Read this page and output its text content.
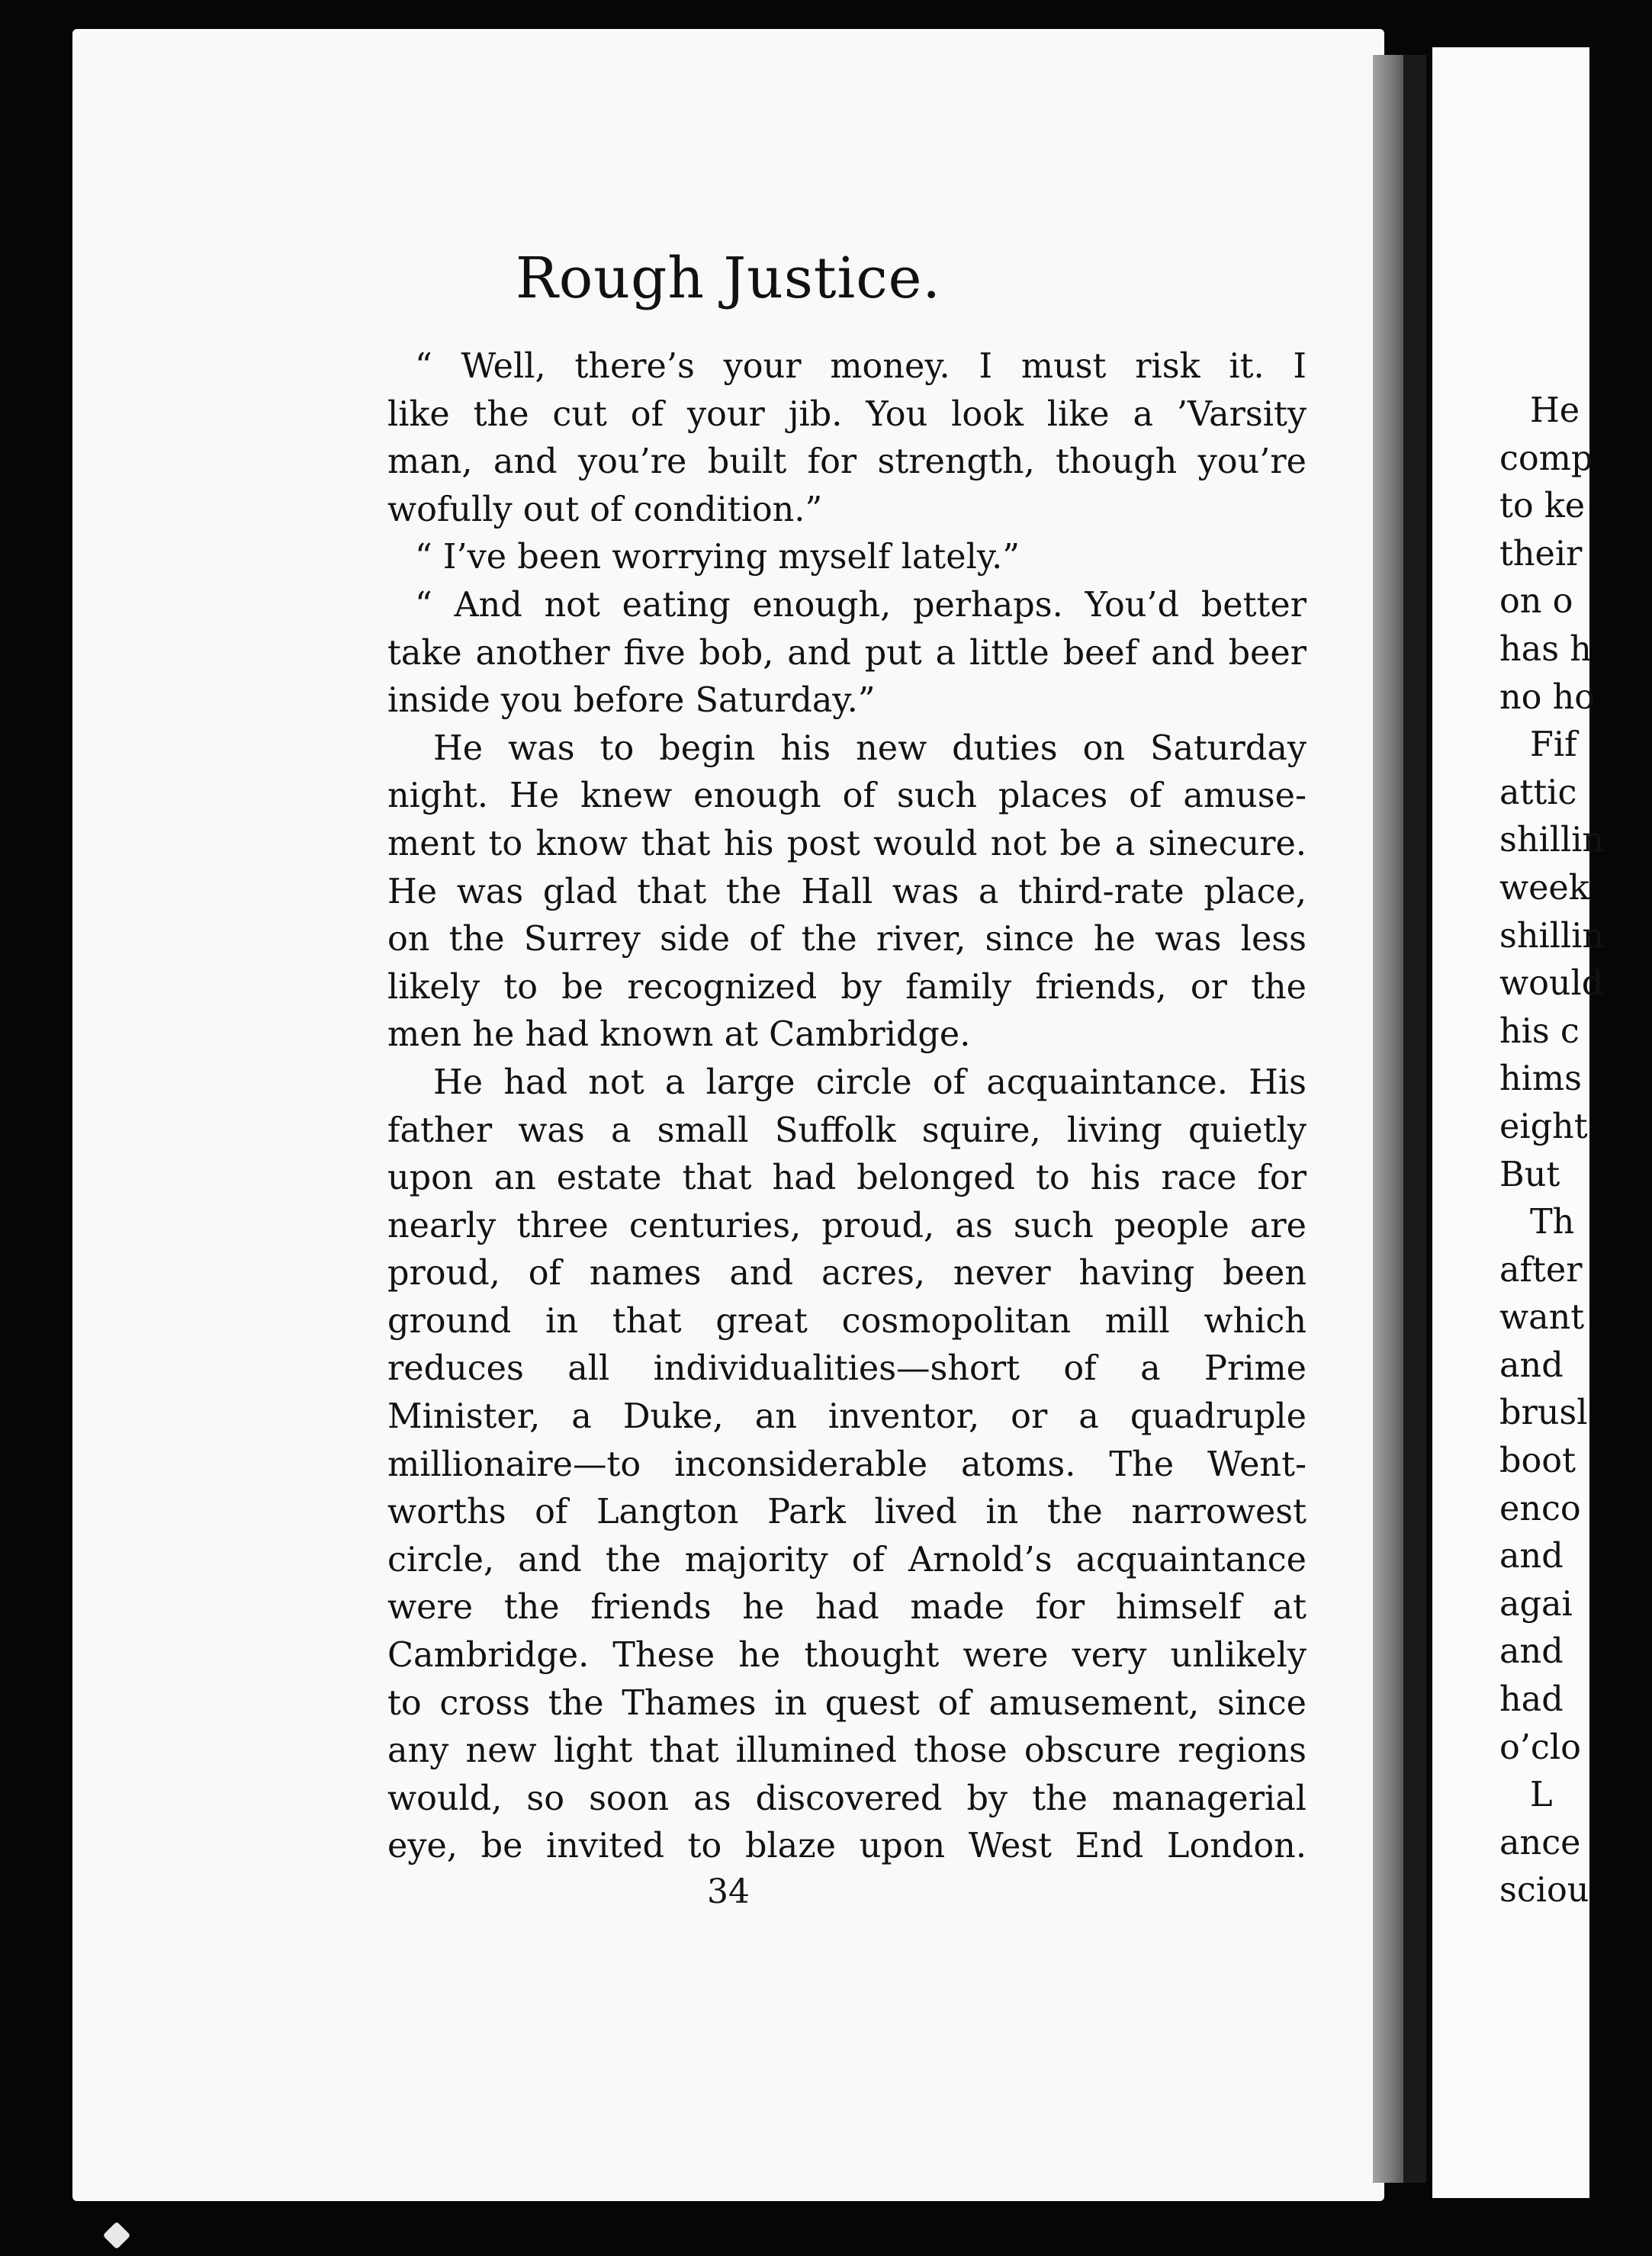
He
comp
to ke
their
on o
has h
no ho
Fif
attic
shillin
week
shillin
would
his c
hims
eight
But
Th
after
want
and
brusl
boot
enco
and
agai
and
had
o’clo
L
ance
sciou
Rough Justice.
“ Well, there’s your money. I must risk it. I
like the cut of your jib. You look like a ’Varsity
man, and you’re built for strength, though you’re
wofully out of condition.”
“ I’ve been worrying myself lately.”
“ And not eating enough, perhaps. You’d better
take another five bob, and put a little beef and beer
inside you before Saturday.”
He was to begin his new duties on Saturday
night. He knew enough of such places of amuse-
ment to know that his post would not be a sinecure.
He was glad that the Hall was a third-rate place,
on the Surrey side of the river, since he was less
likely to be recognized by family friends, or the
men he had known at Cambridge.
He had not a large circle of acquaintance. His
father was a small Suffolk squire, living quietly
upon an estate that had belonged to his race for
nearly three centuries, proud, as such people are
proud, of names and acres, never having been
ground in that great cosmopolitan mill which
reduces all individualities—short of a Prime
Minister, a Duke, an inventor, or a quadruple
millionaire—to inconsiderable atoms. The Went-
worths of Langton Park lived in the narrowest
circle, and the majority of Arnold’s acquaintance
were the friends he had made for himself at
Cambridge. These he thought were very unlikely
to cross the Thames in quest of amusement, since
any new light that illumined those obscure regions
would, so soon as discovered by the managerial
eye, be invited to blaze upon West End London.
34
